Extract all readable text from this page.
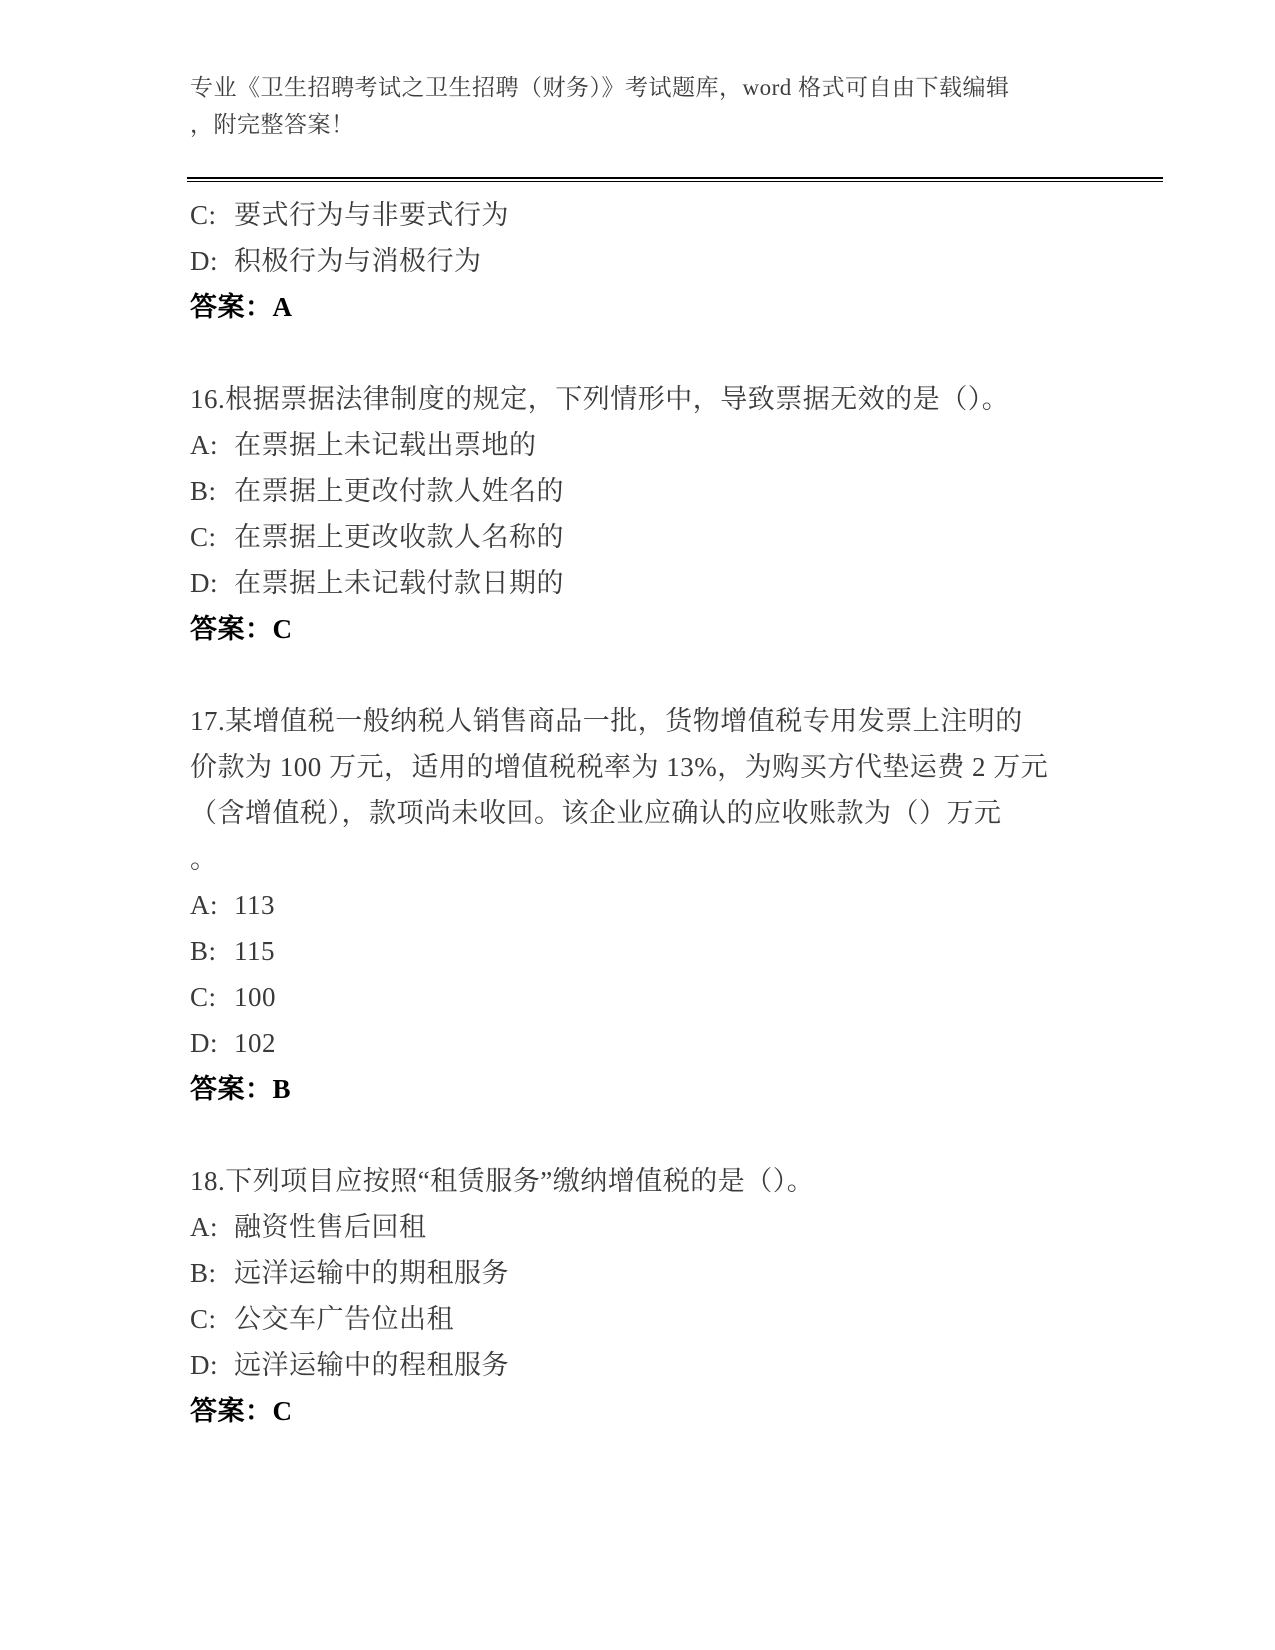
专业《卫生招聘考试之卫生招聘（财务）》考试题库，word 格式可自由下载编辑
，附完整答案！
C: 要式行为与非要式行为
D: 积极行为与消极行为
答案：A
16.根据票据法律制度的规定，下列情形中，导致票据无效的是（）。
A: 在票据上未记载出票地的
B: 在票据上更改付款人姓名的
C: 在票据上更改收款人名称的
D: 在票据上未记载付款日期的
答案：C
17.某增值税一般纳税人销售商品一批，货物增值税专用发票上注明的
价款为 100 万元，适用的增值税税率为 13%，为购买方代垫运费 2 万元
（含增值税），款项尚未收回。该企业应确认的应收账款为（）万元
。
A: 113
B: 115
C: 100
D: 102
答案：B
18.下列项目应按照“租赁服务”缴纳增值税的是（）。
A: 融资性售后回租
B: 远洋运输中的期租服务
C: 公交车广告位出租
D: 远洋运输中的程租服务
答案：C
